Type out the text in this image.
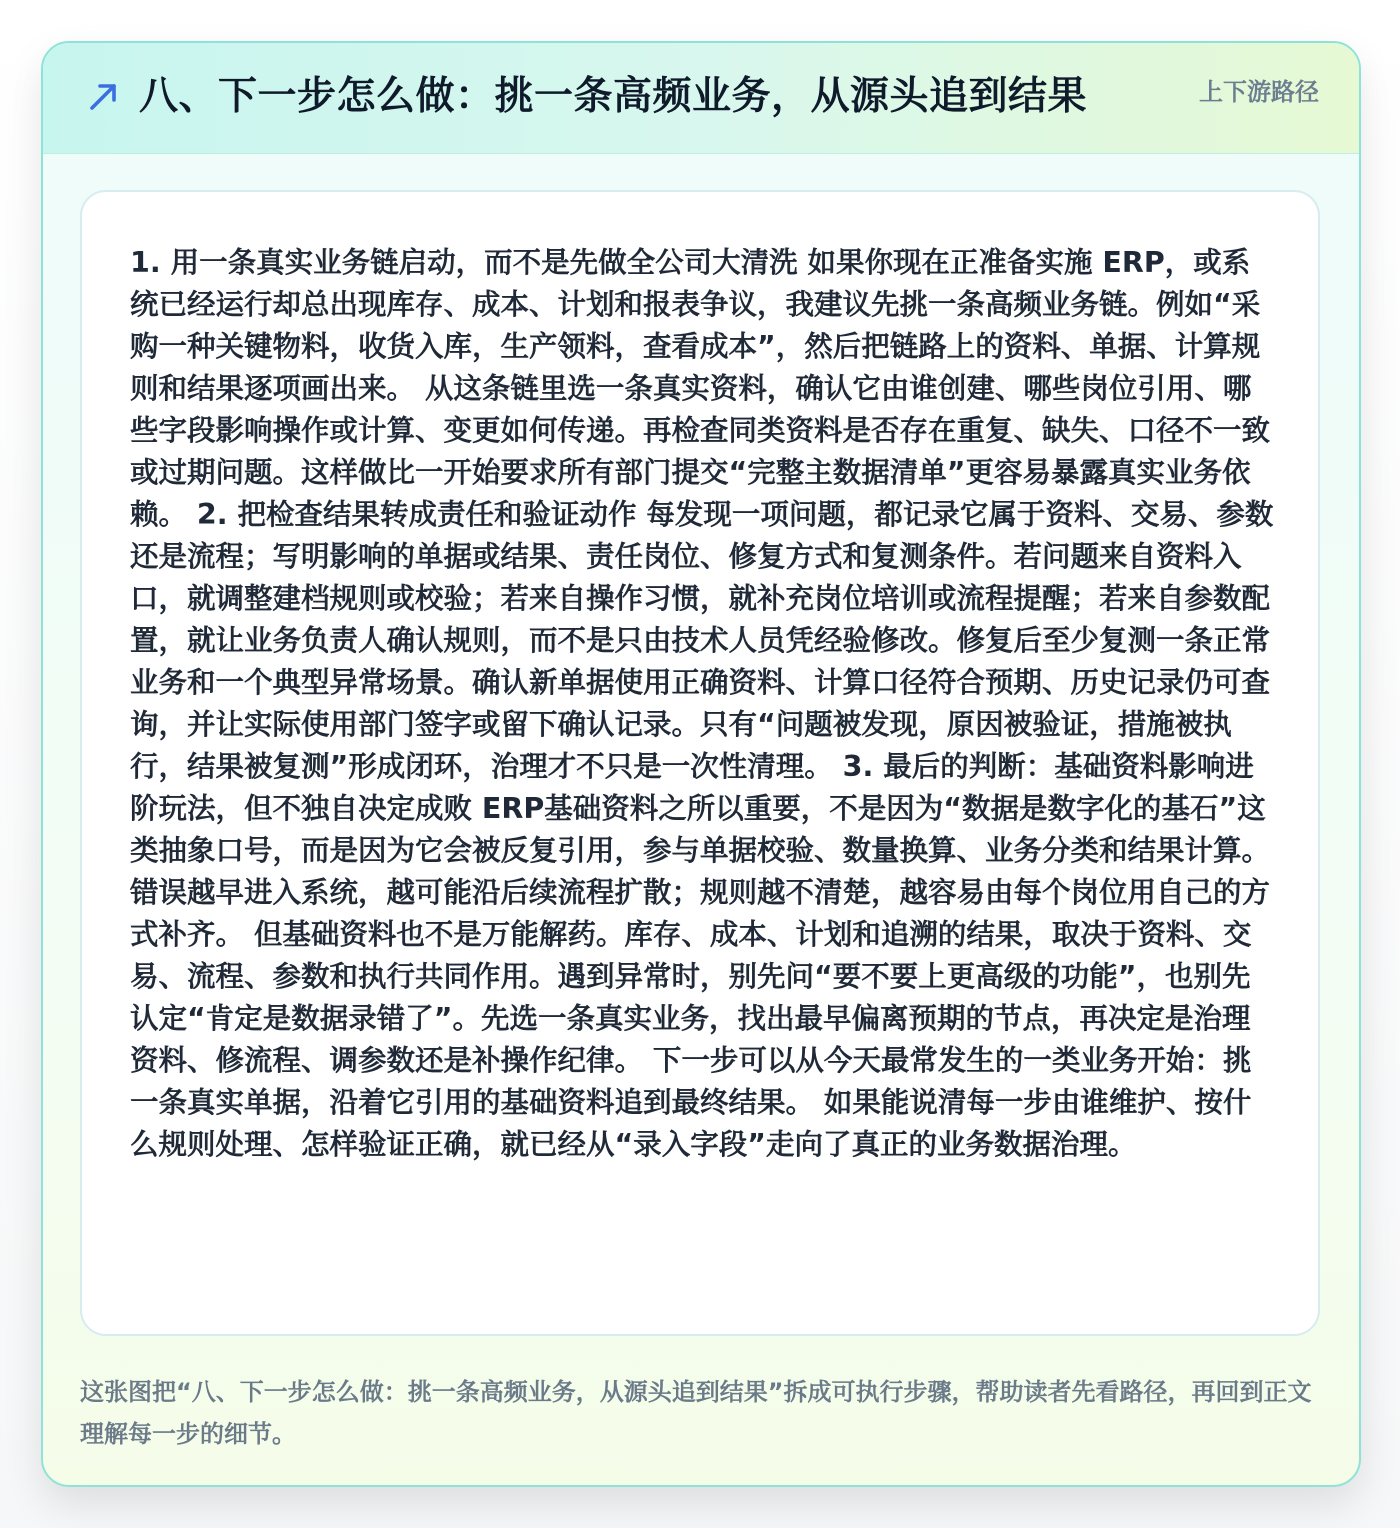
八、下一步怎么做：挑一条高频业务，从源头追到结果	上下游路径

1. 用一条真实业务链启动，而不是先做全公司大清洗 如果你现在正准备实施 ERP，或系统已经运行却总出现库存、成本、计划和报表争议，我建议先挑一条高频业务链。例如“采购一种关键物料，收货入库，生产领料，查看成本”，然后把链路上的资料、单据、计算规则和结果逐项画出来。 从这条链里选一条真实资料，确认它由谁创建、哪些岗位引用、哪些字段影响操作或计算、变更如何传递。再检查同类资料是否存在重复、缺失、口径不一致或过期问题。这样做比一开始要求所有部门提交“完整主数据清单”更容易暴露真实业务依赖。 2. 把检查结果转成责任和验证动作 每发现一项问题，都记录它属于资料、交易、参数还是流程；写明影响的单据或结果、责任岗位、修复方式和复测条件。若问题来自资料入口，就调整建档规则或校验；若来自操作习惯，就补充岗位培训或流程提醒；若来自参数配置，就让业务负责人确认规则，而不是只由技术人员凭经验修改。修复后至少复测一条正常业务和一个典型异常场景。确认新单据使用正确资料、计算口径符合预期、历史记录仍可查询，并让实际使用部门签字或留下确认记录。只有“问题被发现，原因被验证，措施被执行，结果被复测”形成闭环，治理才不只是一次性清理。 3. 最后的判断：基础资料影响进阶玩法，但不独自决定成败 ERP基础资料之所以重要，不是因为“数据是数字化的基石”这类抽象口号，而是因为它会被反复引用，参与单据校验、数量换算、业务分类和结果计算。错误越早进入系统，越可能沿后续流程扩散；规则越不清楚，越容易由每个岗位用自己的方式补齐。 但基础资料也不是万能解药。库存、成本、计划和追溯的结果，取决于资料、交易、流程、参数和执行共同作用。遇到异常时，别先问“要不要上更高级的功能”，也别先认定“肯定是数据录错了”。先选一条真实业务，找出最早偏离预期的节点，再决定是治理资料、修流程、调参数还是补操作纪律。 下一步可以从今天最常发生的一类业务开始：挑一条真实单据，沿着它引用的基础资料追到最终结果。 如果能说清每一步由谁维护、按什么规则处理、怎样验证正确，就已经从“录入字段”走向了真正的业务数据治理。

这张图把“八、下一步怎么做：挑一条高频业务，从源头追到结果”拆成可执行步骤，帮助读者先看路径，再回到正文理解每一步的细节。
